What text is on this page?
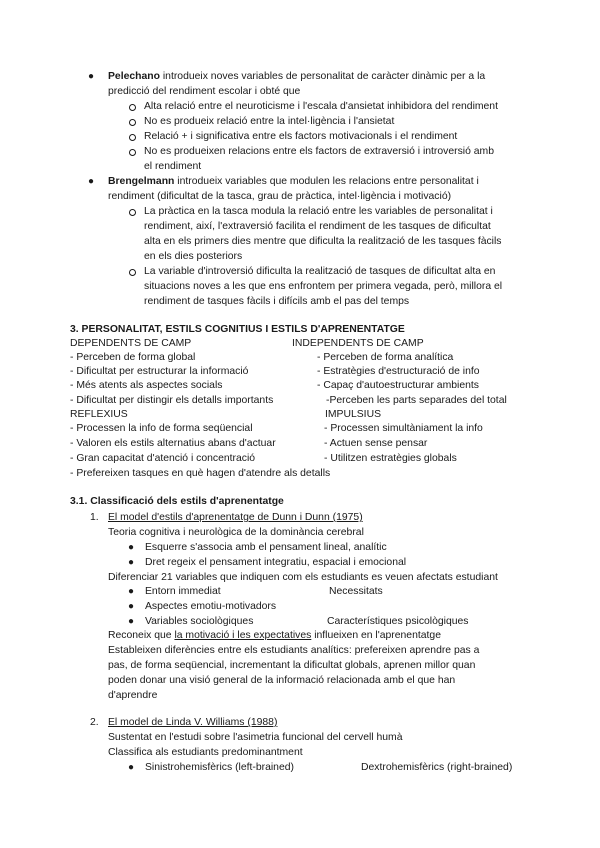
● Pelechano introdueix noves variables de personalitat de caràcter dinàmic per a la
predicció del rendiment escolar i obté que
Alta relació entre el neuroticisme i l'escala d'ansietat inhibidora del rendiment
No es produeix relació entre la intel·ligència i l'ansietat
Relació + i significativa entre els factors motivacionals i el rendiment
No es produeixen relacions entre els factors de extraversió i introversió amb
el rendiment
● Brengelmann introdueix variables que modulen les relacions entre personalitat i
rendiment (dificultat de la tasca, grau de pràctica, intel·ligència i motivació)
La pràctica en la tasca modula la relació entre les variables de personalitat i
rendiment, així, l'extraversió facilita el rendiment de les tasques de dificultat
alta en els primers dies mentre que dificulta la realització de les tasques fàcils
en els dies posteriors
La variable d'introversió dificulta la realització de tasques de dificultat alta en
situacions noves a les que ens enfrontem per primera vegada, però, millora el
rendiment de tasques fàcils i difícils amb el pas del temps
3. PERSONALITAT, ESTILS COGNITIUS I ESTILS D'APRENENTATGE
DEPENDENTS DE CAMP	INDEPENDENTS DE CAMP
- Perceben de forma global	- Perceben de forma analítica
- Dificultat per estructurar la informació	- Estratègies d'estructuració de info
- Més atents als aspectes socials	- Capaç d'autoestructurar ambients
- Dificultat per distingir els detalls importants	-Perceben les parts separades del total
REFLEXIUS	IMPULSIUS
- Processen la info de forma seqüencial	- Processen simultàniament la info
- Valoren els estils alternatius abans d'actuar	- Actuen sense pensar
- Gran capacitat d'atenció i concentració	- Utilitzen estratègies globals
- Prefereixen tasques en què hagen d'atendre als detalls
3.1. Classificació dels estils d'aprenentatge
1. El model d'estils d'aprenentatge de Dunn i Dunn (1975)
Teoria cognitiva i neurològica de la dominància cerebral
● Esquerre s'associa amb el pensament lineal, analític
● Dret regeix el pensament integratiu, espacial i emocional
Diferenciar 21 variables que indiquen com els estudiants es veuen afectats estudiant
● Entorn immediat	Necessitats
● Aspectes emotiu-motivadors
● Variables sociològiques	Característiques psicològiques
Reconeix que la motivació i les expectatives influeixen en l'aprenentatge
Estableixen diferències entre els estudiants analítics: prefereixen aprendre pas a
pas, de forma seqüencial, incrementant la dificultat globals, aprenen millor quan
poden donar una visió general de la informació relacionada amb el que han
d'aprendre
2. El model de Linda V. Williams (1988)
Sustentat en l'estudi sobre l'asimetria funcional del cervell humà
Classifica als estudiants predominantment
● Sinistrohemisfèrics (left-brained)	Dextrohemisfèrics (right-brained)
